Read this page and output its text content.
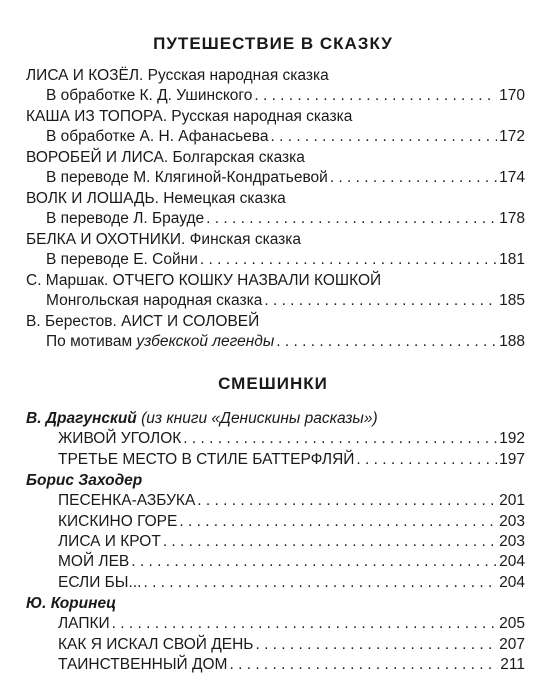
ПУТЕШЕСТВИЕ В СКАЗКУ
ЛИСА И КОЗЁЛ. Русская народная сказка
В обработке К. Д. Ушинского . . .	170
КАША ИЗ ТОПОРА. Русская народная сказка
В обработке А. Н. Афанасьева . . .	172
ВОРОБЕЙ И ЛИСА. Болгарская сказка
В переводе М. Клягиной-Кондратьевой . . .	174
ВОЛК И ЛОШАДЬ. Немецкая сказка
В переводе Л. Брауде . . .	178
БЕЛКА И ОХОТНИКИ. Финская сказка
В переводе Е. Сойни . . .	181
С. Маршак. ОТЧЕГО КОШКУ НАЗВАЛИ КОШКОЙ
Монгольская народная сказка . . .	185
В. Берестов. АИСТ И СОЛОВЕЙ
По мотивам узбекской легенды . . .	188
СМЕШИНКИ
В. Драгунский (из книги «Денискины расказы»)
ЖИВОЙ УГОЛОК . . .	192
ТРЕТЬЕ МЕСТО В СТИЛЕ БАТТЕРФЛЯЙ . . .	197
Борис Заходер
ПЕСЕНКА-АЗБУКА . . .	201
КИСКИНО ГОРЕ . . .	203
ЛИСА И КРОТ . . .	203
МОЙ ЛЕВ . . .	204
ЕСЛИ БЫ... . . .	204
Ю. Коринец
ЛАПКИ . . .	205
КАК Я ИСКАЛ СВОЙ ДЕНЬ . . .	207
ТАИНСТВЕННЫЙ ДОМ . . .	211
